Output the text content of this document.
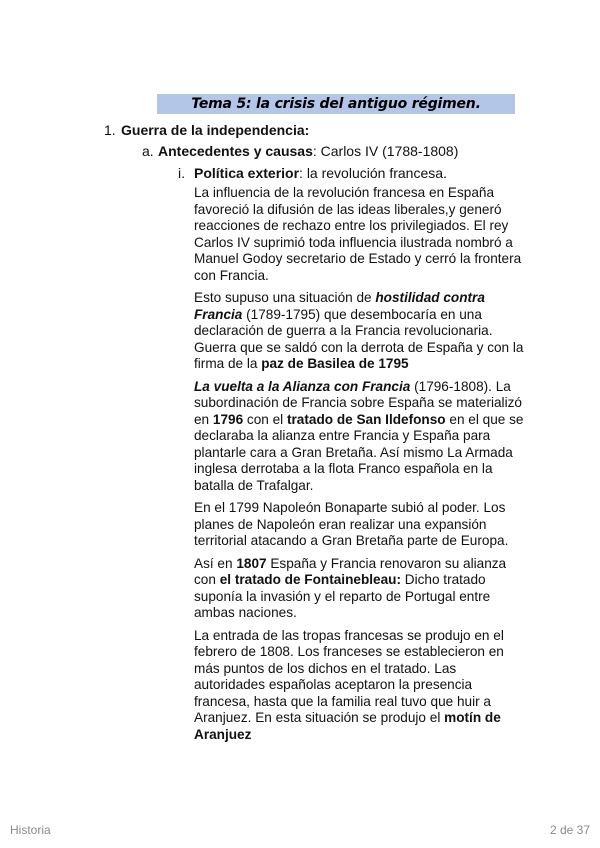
Tema 5: la crisis del antiguo régimen.
1. Guerra de la independencia:
a. Antecedentes y causas: Carlos IV (1788-1808)
i. Política exterior: la revolución francesa.

La influencia de la revolución francesa en España favoreció la difusión de las ideas liberales,y generó reacciones de rechazo entre los privilegiados. El rey Carlos IV suprimió toda influencia ilustrada nombró a Manuel Godoy secretario de Estado y cerró la frontera con Francia.

Esto supuso una situación de hostilidad contra Francia (1789-1795) que desembocaría en una declaración de guerra a la Francia revolucionaria. Guerra que se saldó con la derrota de España y con la firma de la paz de Basilea de 1795

La vuelta a la Alianza con Francia (1796-1808). La subordinación de Francia sobre España se materializó en 1796 con el tratado de San Ildefonso en el que se declaraba la alianza entre Francia y España para plantarle cara a Gran Bretaña. Así mismo La Armada inglesa derrotaba a la flota Franco española en la batalla de Trafalgar.

En el 1799 Napoleón Bonaparte subió al poder. Los planes de Napoleón eran realizar una expansión territorial atacando a Gran Bretaña parte de Europa.

Así en 1807 España y Francia renovaron su alianza con el tratado de Fontainebleau: Dicho tratado suponía la invasión y el reparto de Portugal entre ambas naciones.

La entrada de las tropas francesas se produjo en el febrero de 1808. Los franceses se establecieron en más puntos de los dichos en el tratado. Las autoridades españolas aceptaron la presencia francesa, hasta que la familia real tuvo que huir a Aranjuez. En esta situación se produjo el motín de Aranjuez

Historia	2 de 37
